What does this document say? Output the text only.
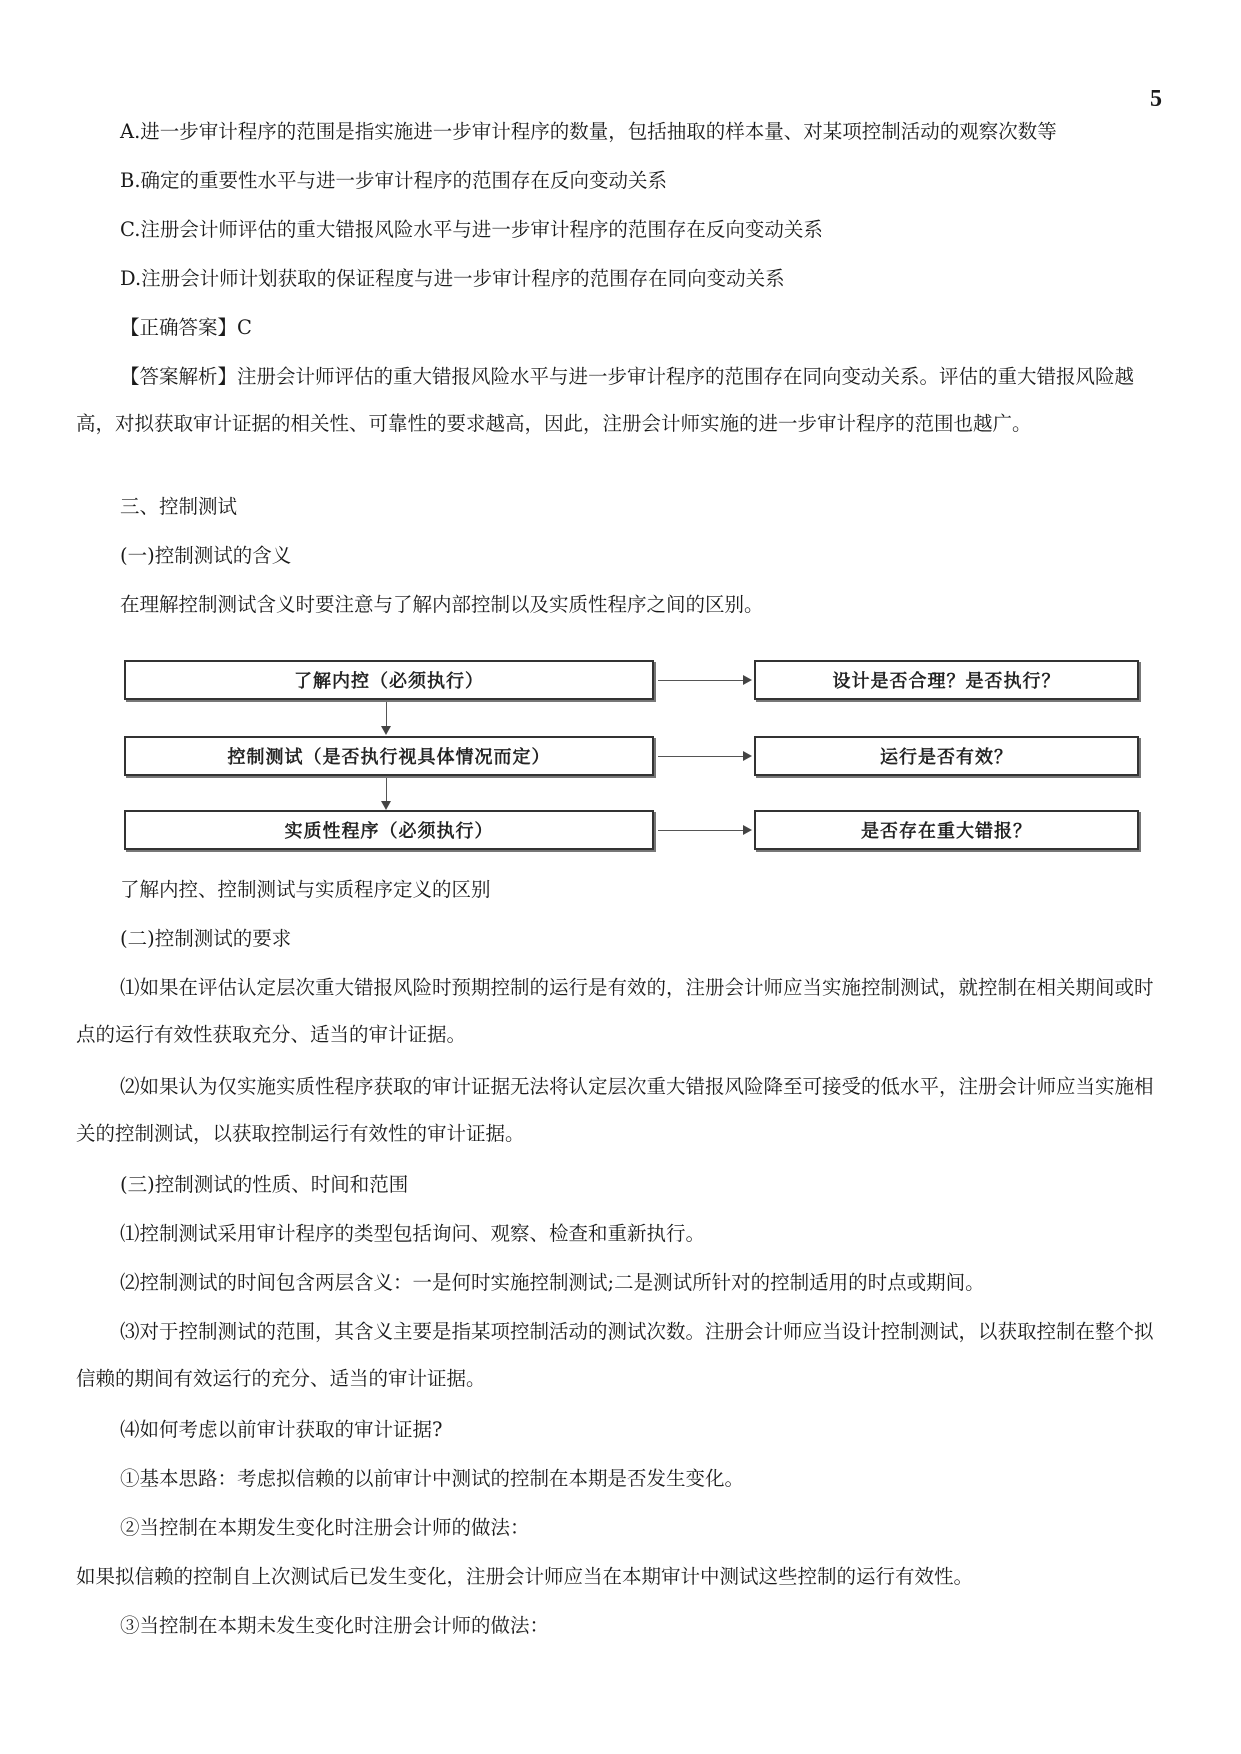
5
A.进一步审计程序的范围是指实施进一步审计程序的数量，包括抽取的样本量、对某项控制活动的观察次数等
B.确定的重要性水平与进一步审计程序的范围存在反向变动关系
C.注册会计师评估的重大错报风险水平与进一步审计程序的范围存在反向变动关系
D.注册会计师计划获取的保证程度与进一步审计程序的范围存在同向变动关系
【正确答案】C
【答案解析】注册会计师评估的重大错报风险水平与进一步审计程序的范围存在同向变动关系。评估的重大错报风险越高，对拟获取审计证据的相关性、可靠性的要求越高，因此，注册会计师实施的进一步审计程序的范围也越广。
三、控制测试
(一)控制测试的含义
在理解控制测试含义时要注意与了解内部控制以及实质性程序之间的区别。
了解内控（必须执行）
控制测试（是否执行视具体情况而定）
实质性程序（必须执行）
设计是否合理？是否执行？
运行是否有效？
是否存在重大错报？
了解内控、控制测试与实质程序定义的区别
(二)控制测试的要求
⑴如果在评估认定层次重大错报风险时预期控制的运行是有效的，注册会计师应当实施控制测试，就控制在相关期间或时点的运行有效性获取充分、适当的审计证据。
⑵如果认为仅实施实质性程序获取的审计证据无法将认定层次重大错报风险降至可接受的低水平，注册会计师应当实施相关的控制测试，以获取控制运行有效性的审计证据。
(三)控制测试的性质、时间和范围
⑴控制测试采用审计程序的类型包括询问、观察、检查和重新执行。
⑵控制测试的时间包含两层含义：一是何时实施控制测试;二是测试所针对的控制适用的时点或期间。
⑶对于控制测试的范围，其含义主要是指某项控制活动的测试次数。注册会计师应当设计控制测试，以获取控制在整个拟信赖的期间有效运行的充分、适当的审计证据。
⑷如何考虑以前审计获取的审计证据?
①基本思路：考虑拟信赖的以前审计中测试的控制在本期是否发生变化。
②当控制在本期发生变化时注册会计师的做法：
如果拟信赖的控制自上次测试后已发生变化，注册会计师应当在本期审计中测试这些控制的运行有效性。
③当控制在本期未发生变化时注册会计师的做法：
